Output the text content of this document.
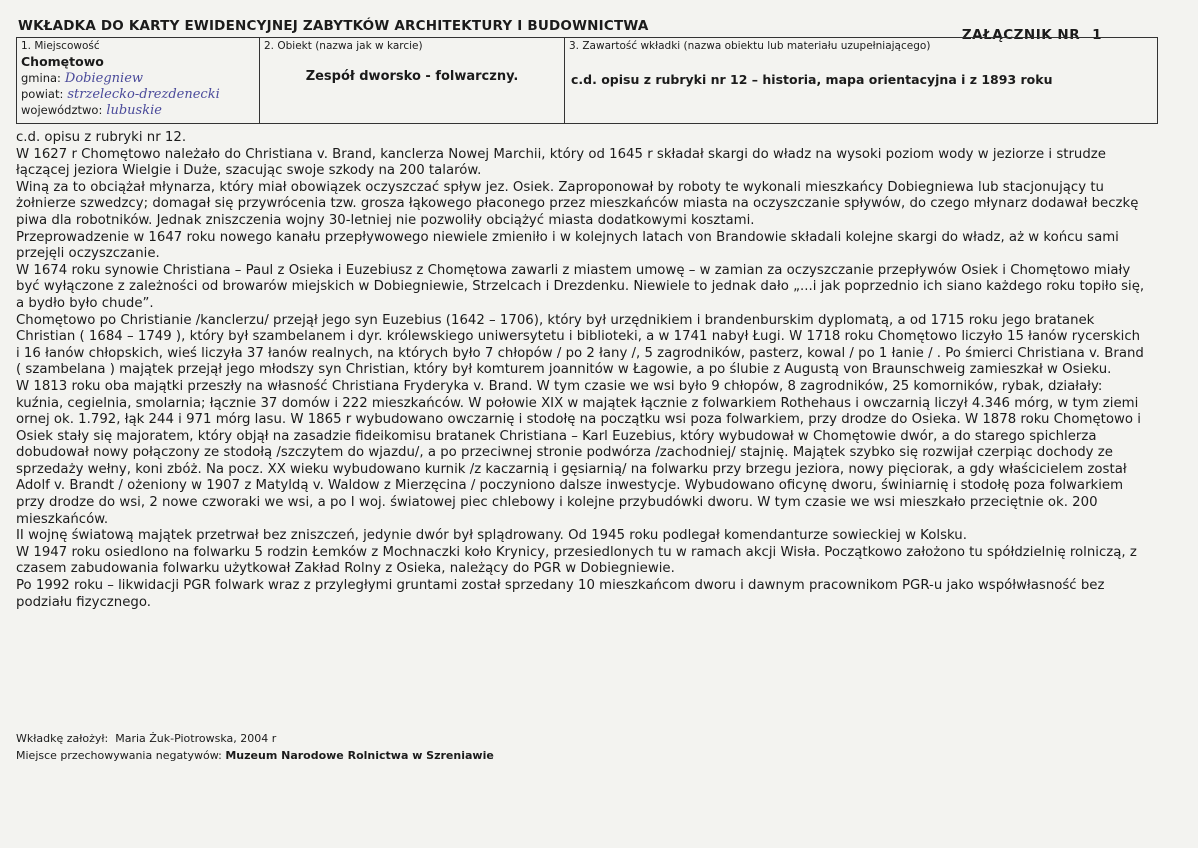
WKŁADKA DO KARTY EWIDENCYJNEJ ZABYTKÓW ARCHITEKTURY I BUDOWNICTWA
ZAŁĄCZNIK NR 1
1. Miejscowość
Chomętowo
gmina: Dobiegniew
powiat: strzelecko-drezdenecki
województwo: lubuskie
2. Obiekt (nazwa jak w karcie)
Zespół dworsko - folwarczny.
3. Zawartość wkładki (nazwa obiektu lub materiału uzupełniającego)
c.d. opisu z rubryki nr 12 – historia, mapa orientacyjna i z 1893 roku

c.d. opisu z rubryki nr 12.

W 1627 r Chomętowo należało do Christiana v. Brand, kanclerza Nowej Marchii, który od 1645 r składał skargi do władz na wysoki poziom wody w jeziorze i strudze łączącej jeziora Wielgie i Duże, szacując swoje szkody na 200 talarów.

Winą za to obciążał młynarza, który miał obowiązek oczyszczać spływ jez. Osiek. Zaproponował by roboty te wykonali mieszkańcy Dobiegniewa lub stacjonujący tu żołnierze szwedzcy; domagał się przywrócenia tzw. grosza łąkowego płaconego przez mieszkańców miasta na oczyszczanie spływów, do czego młynarz dodawał beczkę piwa dla robotników. Jednak zniszczenia wojny 30-letniej nie pozwoliły obciążyć miasta dodatkowymi kosztami.

Przeprowadzenie w 1647 roku nowego kanału przepływowego niewiele zmieniło i w kolejnych latach von Brandowie składali kolejne skargi do władz, aż w końcu sami przejęli oczyszczanie.

W 1674 roku synowie Christiana – Paul z Osieka i Euzebiusz z Chomętowa zawarli z miastem umowę – w zamian za oczyszczanie przepływów Osiek i Chomętowo miały być wyłączone z zależności od browarów miejskich w Dobiegniewie, Strzelcach i Drezdenku. Niewiele to jednak dało „...i jak poprzednio ich siano każdego roku topiło się, a bydło było chude”.

Chomętowo po Christianie /kanclerzu/ przejął jego syn Euzebius (1642 – 1706), który był urzędnikiem i brandenburskim dyplomatą, a od 1715 roku jego bratanek Christian ( 1684 – 1749 ), który był szambelanem i dyr. królewskiego uniwersytetu i biblioteki, a w 1741 nabył Ługi. W 1718 roku Chomętowo liczyło 15 łanów rycerskich i 16 łanów chłopskich, wieś liczyła 37 łanów realnych, na których było 7 chłopów / po 2 łany /, 5 zagrodników, pasterz, kowal / po 1 łanie / . Po śmierci Christiana v. Brand ( szambelana ) majątek przejął jego młodszy syn Christian, który był komturem joannitów w Łagowie, a po ślubie z Augustą von Braunschweig zamieszkał w Osieku.

W 1813 roku oba majątki przeszły na własność Christiana Fryderyka v. Brand. W tym czasie we wsi było 9 chłopów, 8 zagrodników, 25 komorników, rybak, działały: kuźnia, cegielnia, smolarnia; łącznie 37 domów i 222 mieszkańców. W połowie XIX w majątek łącznie z folwarkiem Rothehaus i owczarnią liczył 4.346 mórg, w tym ziemi ornej ok. 1.792, łąk 244 i 971 mórg lasu. W 1865 r wybudowano owczarnię i stodołę na początku wsi poza folwarkiem, przy drodze do Osieka. W 1878 roku Chomętowo i Osiek stały się majoratem, który objął na zasadzie fideikomisu bratanek Christiana – Karl Euzebius, który wybudował w Chomętowie dwór, a do starego spichlerza dobudował nowy połączony ze stodołą /szczytem do wjazdu/, a po przeciwnej stronie podwórza /zachodniej/ stajnię. Majątek szybko się rozwijał czerpiąc dochody ze sprzedaży wełny, koni zbóż. Na pocz. XX wieku wybudowano kurnik /z kaczarnią i gęsiarnią/ na folwarku przy brzegu jeziora, nowy pięciorak, a gdy właścicielem został Adolf v. Brandt / ożeniony w 1907 z Matyldą v. Waldow z Mierzęcina / poczyniono dalsze inwestycje. Wybudowano oficynę dworu, świniarnię i stodołę poza folwarkiem przy drodze do wsi, 2 nowe czworaki we wsi, a po I woj. światowej piec chlebowy i kolejne przybudówki dworu. W tym czasie we wsi mieszkało przeciętnie ok. 200 mieszkańców.

II wojnę światową majątek przetrwał bez zniszczeń, jedynie dwór był splądrowany. Od 1945 roku podlegał komendanturze sowieckiej w Kolsku.

W 1947 roku osiedlono na folwarku 5 rodzin Łemków z Mochnaczki koło Krynicy, przesiedlonych tu w ramach akcji Wisła. Początkowo założono tu spółdzielnię rolniczą, z czasem zabudowania folwarku użytkował Zakład Rolny z Osieka, należący do PGR w Dobiegniewie.

Po 1992 roku – likwidacji PGR folwark wraz z przyległymi gruntami został sprzedany 10 mieszkańcom dworu i dawnym pracownikom PGR-u jako współwłasność bez podziału fizycznego.

Wkładkę założył: Maria Żuk-Piotrowska, 2004 r
Miejsce przechowywania negatywów: Muzeum Narodowe Rolnictwa w Szreniawie
